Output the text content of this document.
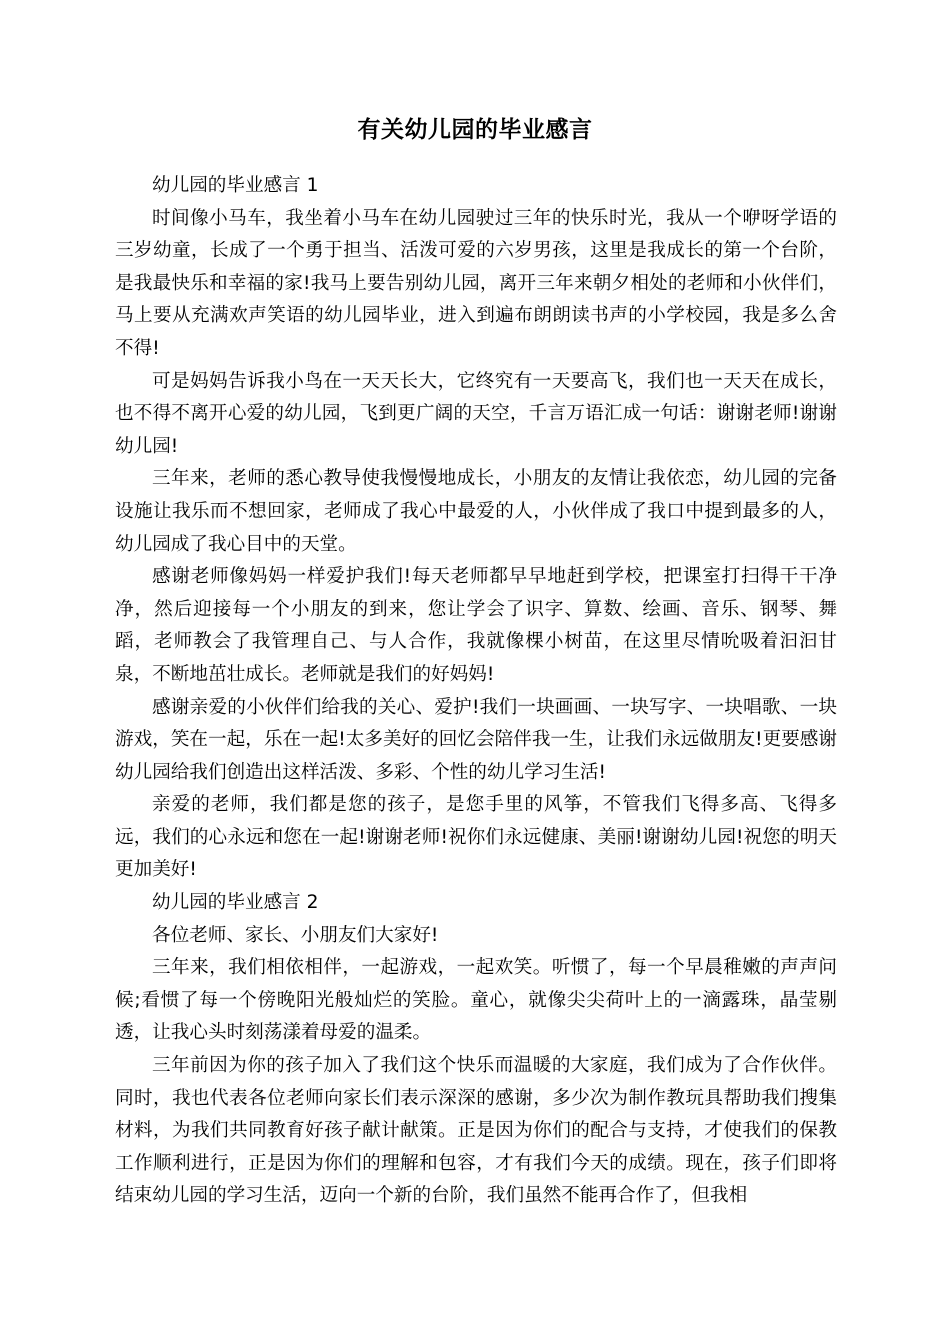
有关幼儿园的毕业感言

幼儿园的毕业感言 1

时间像小马车，我坐着小马车在幼儿园驶过三年的快乐时光，我从一个咿呀学语的三岁幼童，长成了一个勇于担当、活泼可爱的六岁男孩，这里是我成长的第一个台阶，是我最快乐和幸福的家!我马上要告别幼儿园，离开三年来朝夕相处的老师和小伙伴们，马上要从充满欢声笑语的幼儿园毕业，进入到遍布朗朗读书声的小学校园，我是多么舍不得!

可是妈妈告诉我小鸟在一天天长大，它终究有一天要高飞，我们也一天天在成长，也不得不离开心爱的幼儿园，飞到更广阔的天空，千言万语汇成一句话：谢谢老师!谢谢幼儿园!

三年来，老师的悉心教导使我慢慢地成长，小朋友的友情让我依恋，幼儿园的完备设施让我乐而不想回家，老师成了我心中最爱的人，小伙伴成了我口中提到最多的人，幼儿园成了我心目中的天堂。

感谢老师像妈妈一样爱护我们!每天老师都早早地赶到学校，把课室打扫得干干净净，然后迎接每一个小朋友的到来，您让学会了识字、算数、绘画、音乐、钢琴、舞蹈，老师教会了我管理自己、与人合作，我就像棵小树苗，在这里尽情吮吸着汩汩甘泉，不断地茁壮成长。老师就是我们的好妈妈!

感谢亲爱的小伙伴们给我的关心、爱护!我们一块画画、一块写字、一块唱歌、一块游戏，笑在一起，乐在一起!太多美好的回忆会陪伴我一生，让我们永远做朋友!更要感谢幼儿园给我们创造出这样活泼、多彩、个性的幼儿学习生活!

亲爱的老师，我们都是您的孩子，是您手里的风筝，不管我们飞得多高、飞得多远，我们的心永远和您在一起!谢谢老师!祝你们永远健康、美丽!谢谢幼儿园!祝您的明天更加美好!

幼儿园的毕业感言 2

各位老师、家长、小朋友们大家好!

三年来，我们相依相伴，一起游戏，一起欢笑。听惯了，每一个早晨稚嫩的声声问候;看惯了每一个傍晚阳光般灿烂的笑脸。童心，就像尖尖荷叶上的一滴露珠，晶莹剔透，让我心头时刻荡漾着母爱的温柔。

三年前因为你的孩子加入了我们这个快乐而温暖的大家庭，我们成为了合作伙伴。同时，我也代表各位老师向家长们表示深深的感谢，多少次为制作教玩具帮助我们搜集材料，为我们共同教育好孩子献计献策。正是因为你们的配合与支持，才使我们的保教工作顺利进行，正是因为你们的理解和包容，才有我们今天的成绩。现在，孩子们即将结束幼儿园的学习生活，迈向一个新的台阶，我们虽然不能再合作了，但我相
